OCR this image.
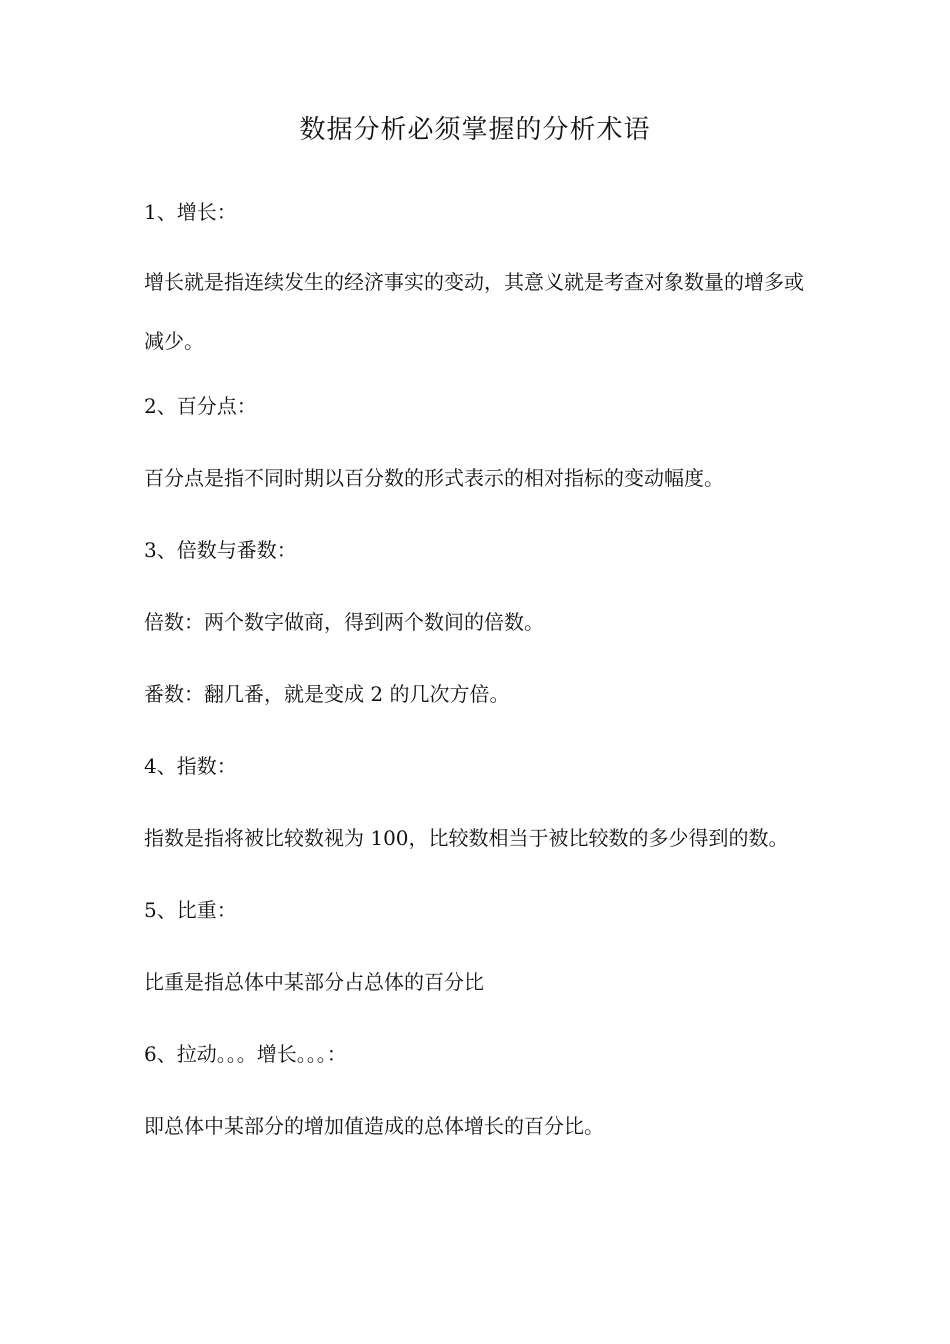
数据分析必须掌握的分析术语
1、增长：
增长就是指连续发生的经济事实的变动，其意义就是考查对象数量的增多或减少。
2、百分点：
百分点是指不同时期以百分数的形式表示的相对指标的变动幅度。
3、倍数与番数：
倍数：两个数字做商，得到两个数间的倍数。
番数：翻几番，就是变成 2 的几次方倍。
4、指数：
指数是指将被比较数视为 100，比较数相当于被比较数的多少得到的数。
5、比重：
比重是指总体中某部分占总体的百分比
6、拉动。。。增长。。。：
即总体中某部分的增加值造成的总体增长的百分比。
